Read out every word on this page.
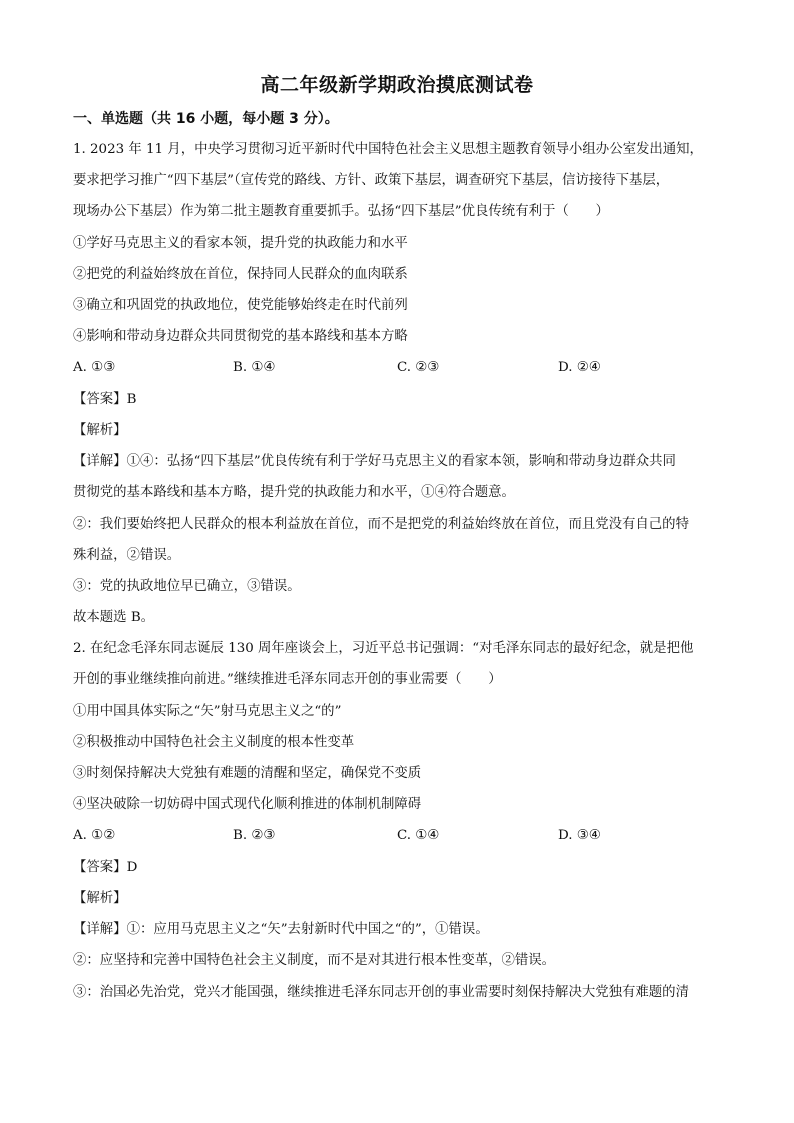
高二年级新学期政治摸底测试卷
一、单选题（共 16 小题，每小题 3 分）。
1. 2023 年 11 月，中央学习贯彻习近平新时代中国特色社会主义思想主题教育领导小组办公室发出通知，
要求把学习推广“四下基层”（宣传党的路线、方针、政策下基层，调查研究下基层，信访接待下基层，
现场办公下基层）作为第二批主题教育重要抓手。弘扬“四下基层”优良传统有利于（　　）
①学好马克思主义的看家本领，提升党的执政能力和水平
②把党的利益始终放在首位，保持同人民群众的血肉联系
③确立和巩固党的执政地位，使党能够始终走在时代前列
④影响和带动身边群众共同贯彻党的基本路线和基本方略
A. ①③	B. ①④	C. ②③	D. ②④
【答案】B
【解析】
【详解】①④：弘扬“四下基层”优良传统有利于学好马克思主义的看家本领，影响和带动身边群众共同
贯彻党的基本路线和基本方略，提升党的执政能力和水平，①④符合题意。
②：我们要始终把人民群众的根本利益放在首位，而不是把党的利益始终放在首位，而且党没有自己的特
殊利益，②错误。
③：党的执政地位早已确立，③错误。
故本题选 B。
2. 在纪念毛泽东同志诞辰 130 周年座谈会上，习近平总书记强调：“对毛泽东同志的最好纪念，就是把他
开创的事业继续推向前进。”继续推进毛泽东同志开创的事业需要（　　）
①用中国具体实际之“矢”射马克思主义之“的”
②积极推动中国特色社会主义制度的根本性变革
③时刻保持解决大党独有难题的清醒和坚定，确保党不变质
④坚决破除一切妨碍中国式现代化顺利推进的体制机制障碍
A. ①②	B. ②③	C. ①④	D. ③④
【答案】D
【解析】
【详解】①：应用马克思主义之“矢”去射新时代中国之“的”，①错误。
②：应坚持和完善中国特色社会主义制度，而不是对其进行根本性变革，②错误。
③：治国必先治党，党兴才能国强，继续推进毛泽东同志开创的事业需要时刻保持解决大党独有难题的清
